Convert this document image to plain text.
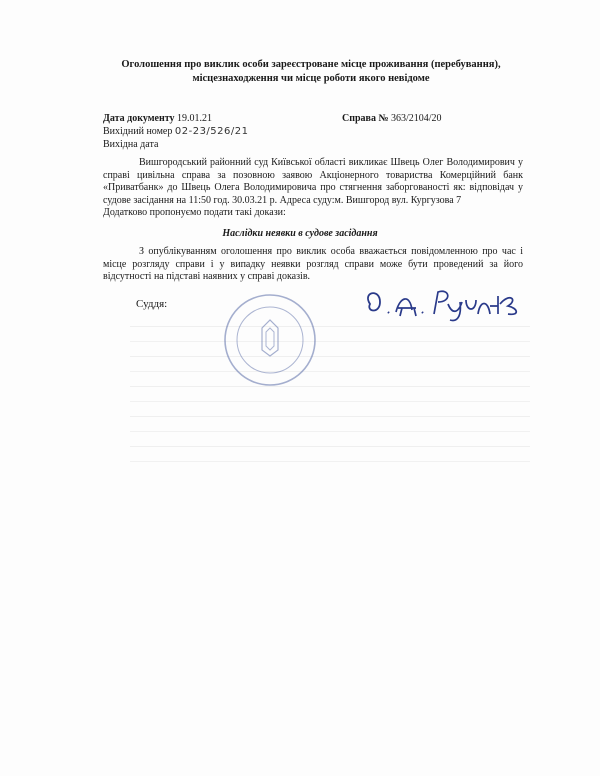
Оголошення про виклик особи зареєстроване місце проживання (перебування),
місцезнаходження чи місце роботи якого невідоме
Дата документу 19.01.21	Справа № 363/2104/20
Вихідний номер 02-23/526/21
Вихідна дата
Вишгородський районний суд Київської області викликає Швець Олег Володимирович у справі цивільна справа за позовною заявою Акціонерного товариства Комерційний банк «Приватбанк» до Швець Олега Володимировича про стягнення заборгованості як: відповідач у судове засідання на 11:50 год. 30.03.21 р. Адреса суду:м. Вишгород вул. Кургузова 7
Додатково пропонуємо подати такі докази:
Наслідки неявки в судове засідання
З опублікуванням оголошення про виклик особа вважається повідомленною про час і місце розгляду справи і у випадку неявки розгляд справи може бути проведений за його відсутності на підставі наявних у справі доказів.
Суддя:
